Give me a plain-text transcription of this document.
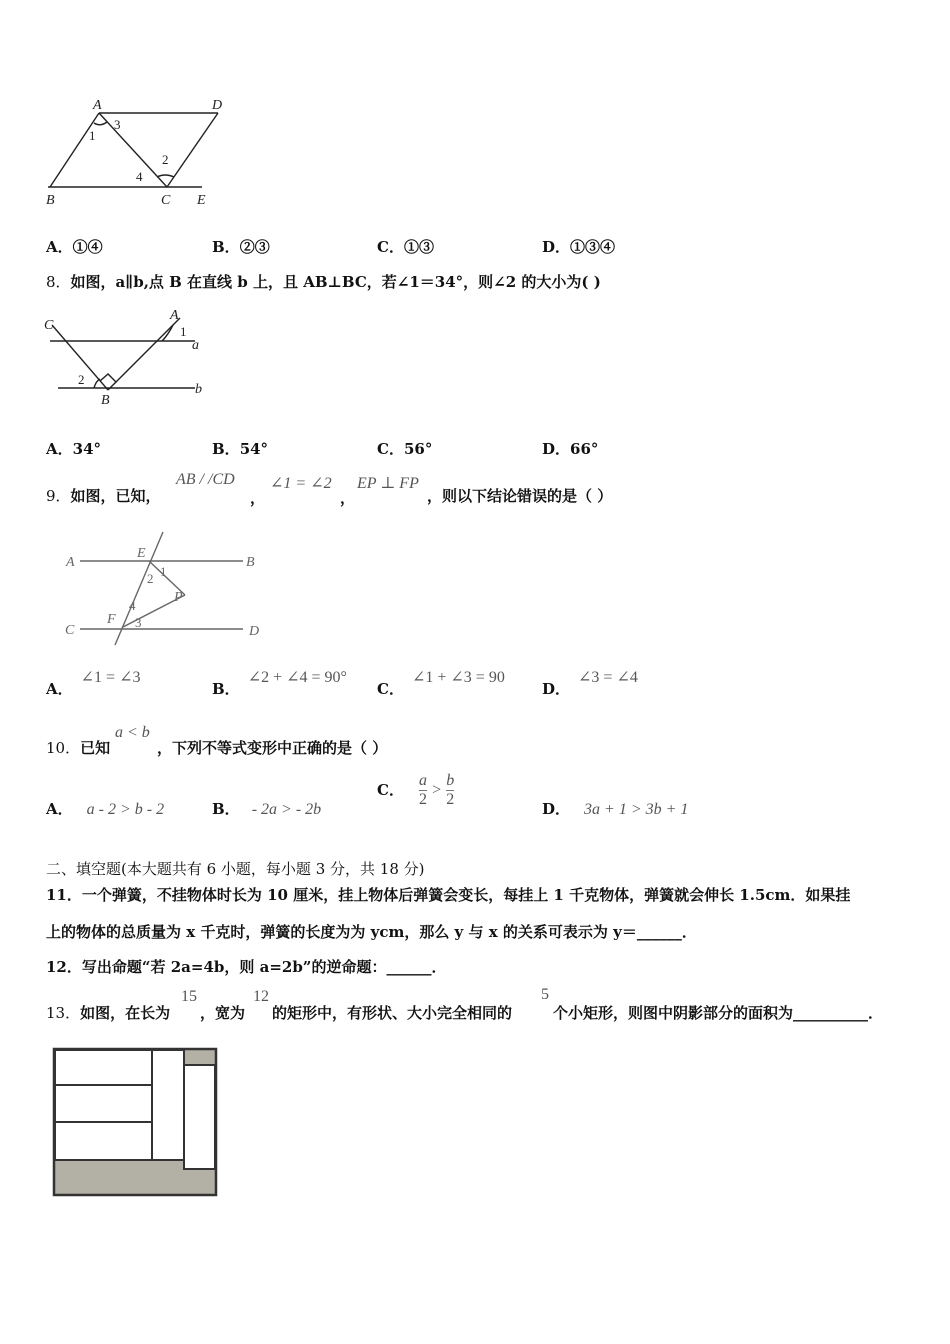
A	D
B	C E
1
2
3
4
A．①④	B．②③	C．①③	D．①③④
8．如图，a∥b,点 B 在直线 b 上，且 AB⊥BC，若∠1＝34°，则∠2 的大小为( )
C
A
1
a
2
B
b
A．34°	B．54°	C．56°	D．66°
9．如图，已知，
AB / /CD
，
∠1 = ∠2
，
EP ⊥ FP
，则以下结论错误的是（ ）
A
E
B
1
2
P
4
F 3
C	D
A．∠1 = ∠3
B．∠2 + ∠4 = 90°
C．∠1 + ∠3 = 90
D．∠3 = ∠4
10．已知
a < b
，下列不等式变形中正确的是（ ）
A． a - 2 > b - 2	B． - 2a > - 2b
C． $\frac{a}{2} > \frac{b}{2}$	D． 3a + 1 > 3b + 1
二、填空题(本大题共有 6 小题，每小题 3 分，共 18 分)
11．一个弹簧，不挂物体时长为 10 厘米，挂上物体后弹簧会变长，每挂上 1 千克物体，弹簧就会伸长 1.5cm．如果挂
上的物体的总质量为 x 千克时，弹簧的长度为为 ycm，那么 y 与 x 的关系可表示为 y＝______．
12．写出命题“若 2a=4b，则 a=2b”的逆命题：______．
13．如图，在长为
15
，宽为
12
的矩形中，有形状、大小完全相同的
5
个小矩形，则图中阴影部分的面积为__________．
